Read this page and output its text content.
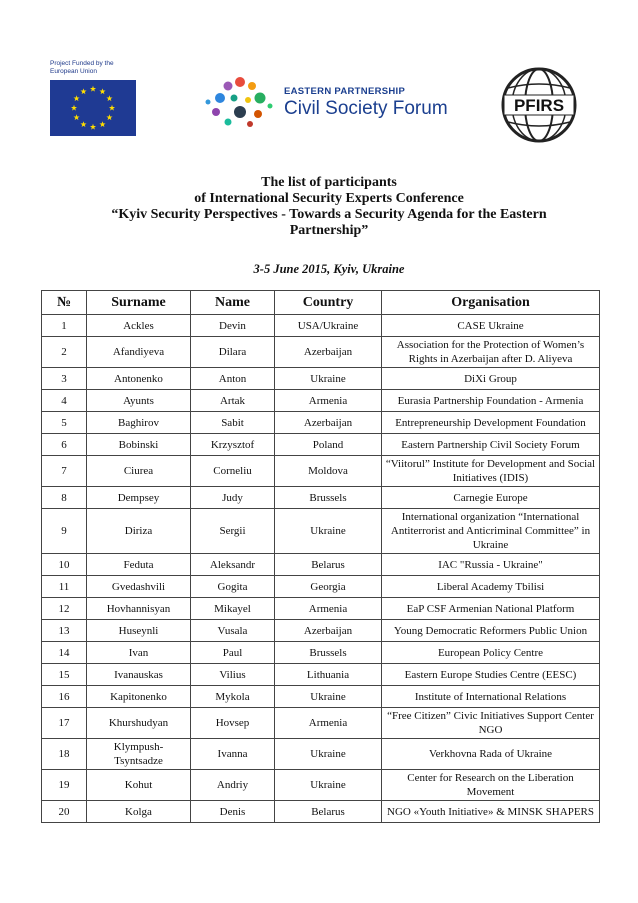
Project Funded by the
European Union
EASTERN PARTNERSHIP
Civil Society Forum	PFIRS
The list of participants
of International Security Experts Conference
“Kyiv Security Perspectives - Towards a Security Agenda for the Eastern
Partnership”
3-5 June 2015, Kyiv, Ukraine
№	Surname	Name	Country	Organisation
1	Ackles	Devin	USA/Ukraine	CASE Ukraine
2	Afandiyeva	Dilara	Azerbaijan	Association for the Protection of Women’s Rights in Azerbaijan after D. Aliyeva
3	Antonenko	Anton	Ukraine	DiXi Group
4	Ayunts	Artak	Armenia	Eurasia Partnership Foundation - Armenia
5	Baghirov	Sabit	Azerbaijan	Entrepreneurship Development Foundation
6	Bobinski	Krzysztof	Poland	Eastern Partnership Civil Society Forum
7	Ciurea	Corneliu	Moldova	“Viitorul” Institute for Development and Social Initiatives (IDIS)
8	Dempsey	Judy	Brussels	Carnegie Europe
9	Diriza	Sergii	Ukraine	International organization “International Antiterrorist and Anticriminal Committee” in Ukraine
10	Feduta	Aleksandr	Belarus	IAC "Russia - Ukraine"
11	Gvedashvili	Gogita	Georgia	Liberal Academy Tbilisi
12	Hovhannisyan	Mikayel	Armenia	EaP CSF Armenian National Platform
13	Huseynli	Vusala	Azerbaijan	Young Democratic Reformers Public Union
14	Ivan	Paul	Brussels	European Policy Centre
15	Ivanauskas	Vilius	Lithuania	Eastern Europe Studies Centre (EESC)
16	Kapitonenko	Mykola	Ukraine	Institute of International Relations
17	Khurshudyan	Hovsep	Armenia	“Free Citizen” Civic Initiatives Support Center NGO
18	Klympush-Tsyntsadze	Ivanna	Ukraine	Verkhovna Rada of Ukraine
19	Kohut	Andriy	Ukraine	Center for Research on the Liberation Movement
20	Kolga	Denis	Belarus	NGO «Youth Initiative» & MINSK SHAPERS
